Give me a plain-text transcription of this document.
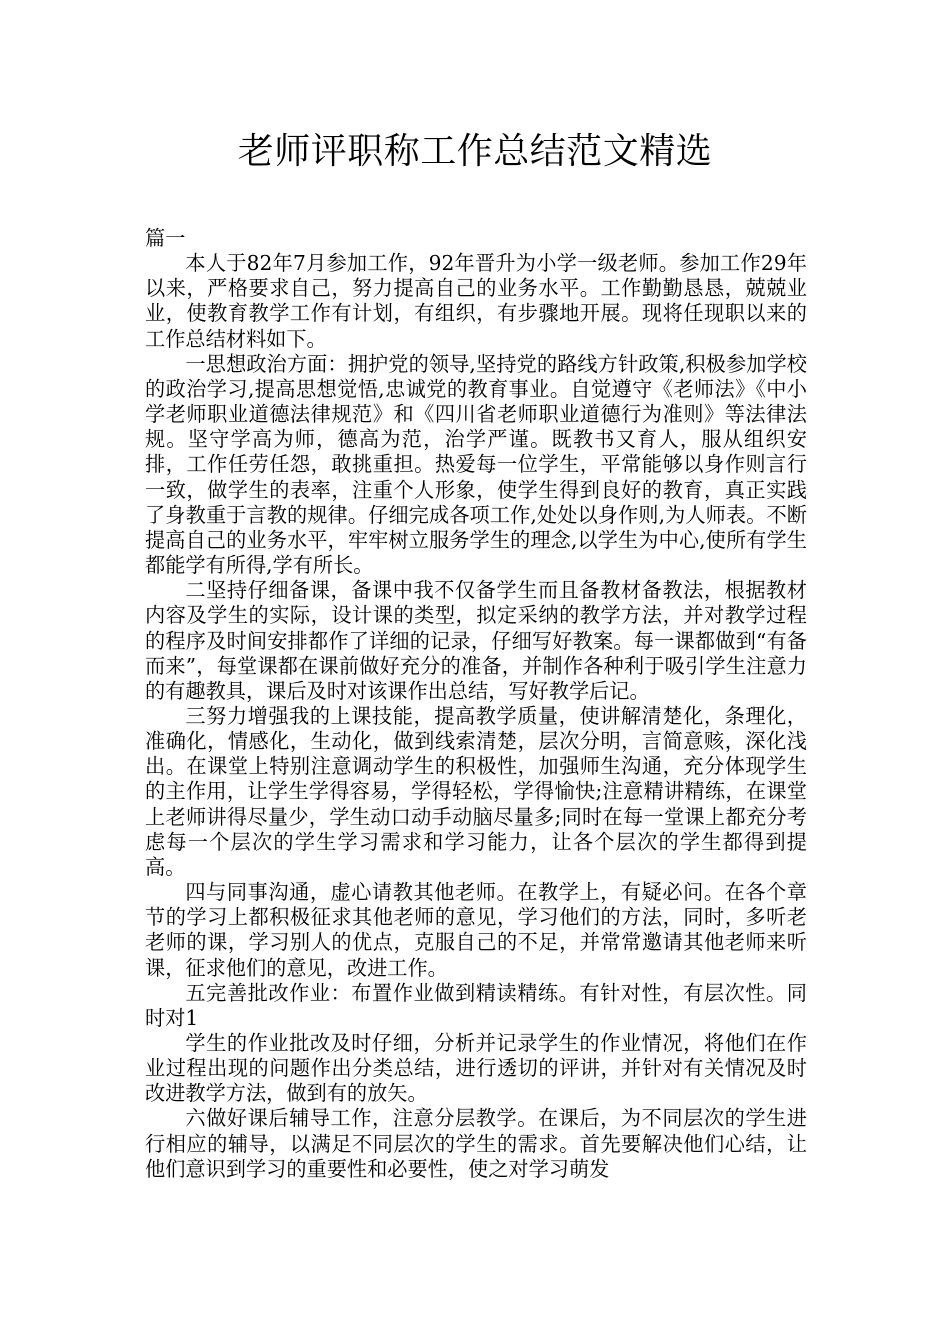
老师评职称工作总结范文精选

篇一

本人于82年7月参加工作，92年晋升为小学一级老师。参加工作29年以来，严格要求自己，努力提高自己的业务水平。工作勤勤恳恳，兢兢业业，使教育教学工作有计划，有组织，有步骤地开展。现将任现职以来的工作总结材料如下。

一思想政治方面：拥护党的领导,坚持党的路线方针政策,积极参加学校的政治学习,提高思想觉悟,忠诚党的教育事业。自觉遵守《老师法》《中小学老师职业道德法律规范》和《四川省老师职业道德行为准则》等法律法规。坚守学高为师，德高为范，治学严谨。既教书又育人，服从组织安排，工作任劳任怨，敢挑重担。热爱每一位学生，平常能够以身作则言行一致，做学生的表率，注重个人形象，使学生得到良好的教育，真正实践了身教重于言教的规律。仔细完成各项工作,处处以身作则,为人师表。不断提高自己的业务水平，牢牢树立服务学生的理念,以学生为中心,使所有学生都能学有所得,学有所长。

二坚持仔细备课，备课中我不仅备学生而且备教材备教法，根据教材内容及学生的实际，设计课的类型，拟定采纳的教学方法，并对教学过程的程序及时间安排都作了详细的记录，仔细写好教案。每一课都做到“有备而来”，每堂课都在课前做好充分的准备，并制作各种利于吸引学生注意力的有趣教具，课后及时对该课作出总结，写好教学后记。

三努力增强我的上课技能，提高教学质量，使讲解清楚化，条理化，准确化，情感化，生动化，做到线索清楚，层次分明，言简意赅，深化浅出。在课堂上特别注意调动学生的积极性，加强师生沟通，充分体现学生的主作用，让学生学得容易，学得轻松，学得愉快;注意精讲精练，在课堂上老师讲得尽量少，学生动口动手动脑尽量多;同时在每一堂课上都充分考虑每一个层次的学生学习需求和学习能力，让各个层次的学生都得到提高。

四与同事沟通，虚心请教其他老师。在教学上，有疑必问。在各个章节的学习上都积极征求其他老师的意见，学习他们的方法，同时，多听老老师的课，学习别人的优点，克服自己的不足，并常常邀请其他老师来听课，征求他们的意见，改进工作。

五完善批改作业：布置作业做到精读精练。有针对性，有层次性。同时对1

学生的作业批改及时仔细，分析并记录学生的作业情况，将他们在作业过程出现的问题作出分类总结，进行透切的评讲，并针对有关情况及时改进教学方法，做到有的放矢。

六做好课后辅导工作，注意分层教学。在课后，为不同层次的学生进行相应的辅导，以满足不同层次的学生的需求。首先要解决他们心结，让他们意识到学习的重要性和必要性，使之对学习萌发
